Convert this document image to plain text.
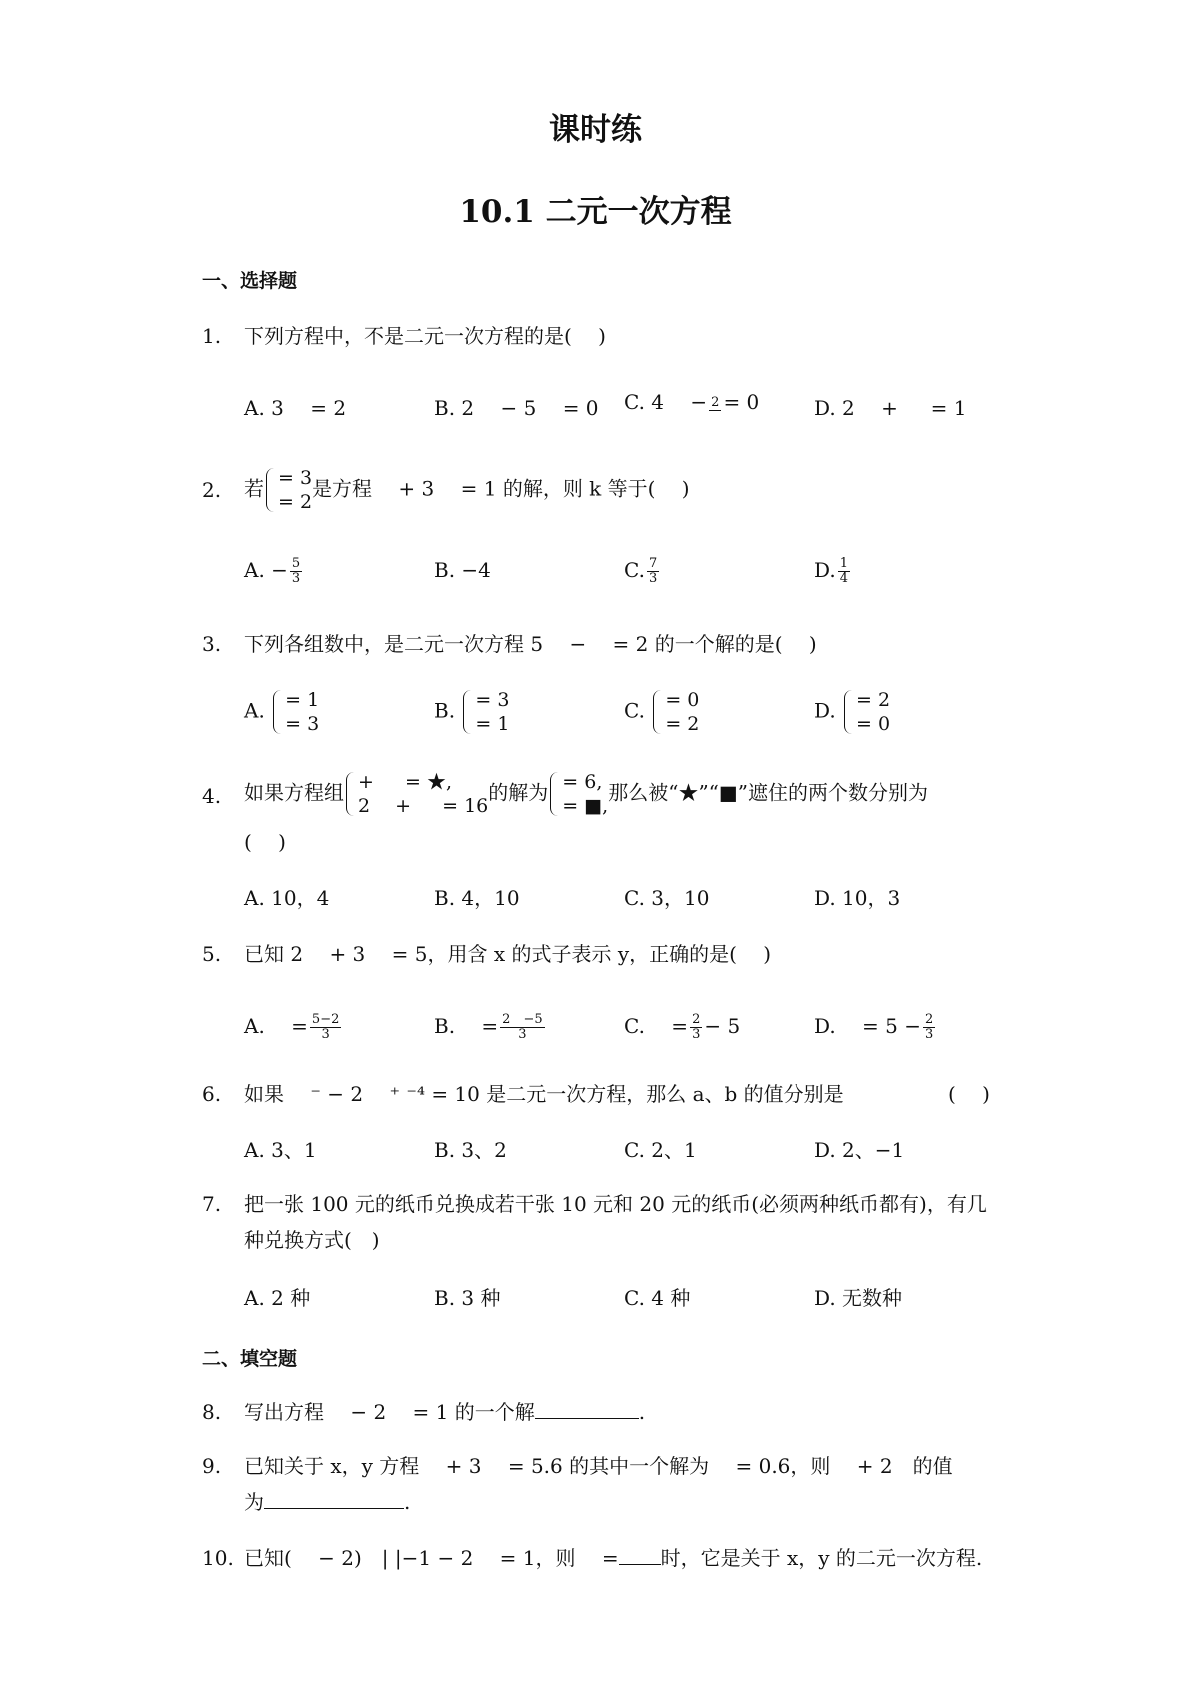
课时练
10.1 二元一次方程
一、选择题
1. 下列方程中，不是二元一次方程的是(　 )
A. 3　 = 2	B. 2　 − 5　 = 0 C. 4　 − 2 = 0	D. 2　 + 　 = 1
2. 若 = 3
= 2
是方程　 + 3　 = 1 的解，则 k 等于(　 )
A. − $\frac{5}{3}$	B. −4	C. $\frac{7}{3}$	D. $\frac{1}{4}$
3. 下列各组数中，是二元一次方程 5　 −　 = 2 的一个解的是(　 )
A. = 1
= 3
B. = 3
= 1
C. = 0
= 2
D. = 2
= 0
4. 如果方程组 + 　 = ★,
2　 + 　 = 16
的解为 = 6,
= ■,
那么被“★”“■”遮住的两个数分别为
(　 )
A. 10，4	B. 4，10	C. 3，10	D. 10，3
5. 已知 2　 + 3　 = 5，用含 x 的式子表示 y，正确的是(　 )
A.　 = $\frac{5-2}{3}$	B.　 = $\frac{2 -5}{3}$	C.　 = $\frac{2}{3} - 5$	D.　 = $5 - \frac{2}{3}$
6. 如果　 ⁻ − 2　 ⁺ ⁻⁴ = 10 是二元一次方程，那么 a、b 的值分别是	(　 )
A. 3、1	B. 3、2	C. 2、1	D. 2、−1
7. 把一张 100 元的纸币兑换成若干张 10 元和 20 元的纸币(必须两种纸币都有)，有几
种兑换方式(　)
A. 2 种	B. 3 种	C. 4 种	D. 无数种
二、填空题
8. 写出方程　 − 2　 = 1 的一个解	.
9. 已知关于 x，y 方程　 + 3　 = 5.6 的其中一个解为　 = 0.6，则　 + 2　的值
为	.
10. 已知(　 − 2)　| |−1 − 2　 = 1，则　 = 时，它是关于 x，y 的二元一次方程.
